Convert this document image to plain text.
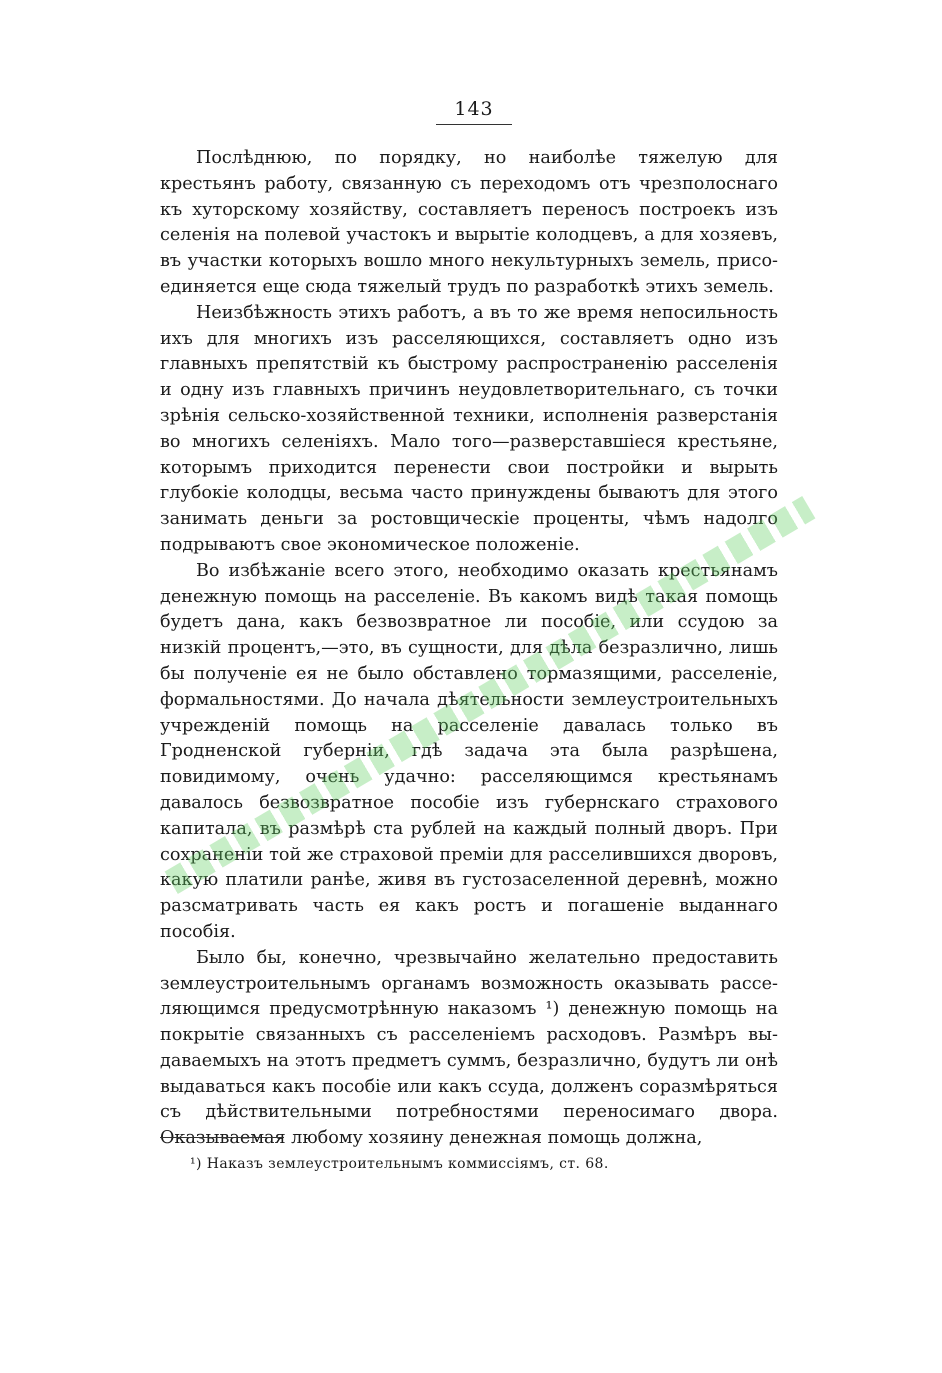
143

Послѣднюю, по порядку, но наиболѣе тяжелую для крестьянъ работу, связанную съ переходомъ отъ чрезполоснаго къ хуторскому хозяйству, составляетъ переносъ построекъ изъ селенія на полевой участокъ и вырытіе колодцевъ, а для хозяевъ, въ участки которыхъ вошло много некультурныхъ земель, присоединяется еще сюда тяжелый трудъ по разработкѣ этихъ земель.

Неизбѣжность этихъ работъ, а въ то же время непосильность ихъ для многихъ изъ расселяющихся, составляетъ одно изъ главныхъ препятствій къ быстрому распространенію расселенія и одну изъ главныхъ причинъ неудовлетворительнаго, съ точки зрѣнія сельско-хозяйственной техники, исполненія разверстанія во многихъ селеніяхъ. Мало того—разверставшіеся крестьяне, которымъ приходится перенести свои постройки и вырыть глубокіе колодцы, весьма часто принуждены бываютъ для этого занимать деньги за ростовщическіе проценты, чѣмъ надолго подрываютъ свое экономическое положеніе.

Во избѣжаніе всего этого, необходимо оказать крестьянамъ денежную помощь на расселеніе. Въ какомъ видѣ такая помощь будетъ дана, какъ безвозвратное ли пособіе, или ссудою за низкій процентъ,—это, въ сущности, для дѣла безразлично, лишь бы полученіе ея не было обставлено тормазящими, расселеніе, формальностями. До начала дѣятельности землеустроительныхъ учрежденій помощь на расселеніе давалась только въ Гродненской губерніи, гдѣ задача эта была разрѣшена, повидимому, очень удачно: расселяющимся крестьянамъ давалось безвозвратное пособіе изъ губернскаго страхового капитала, въ размѣрѣ ста рублей на каждый полный дворъ. При сохраненіи той же страховой преміи для расселившихся дворовъ, какую платили ранѣе, живя въ густозаселенной деревнѣ, можно разсматривать часть ея какъ ростъ и погашеніе выданнаго пособія.

Было бы, конечно, чрезвычайно желательно предоставить землеустроительнымъ органамъ возможность оказывать расселяющимся предусмотрѣнную наказомъ ¹) денежную помощь на покрытіе связанныхъ съ расселеніемъ расходовъ. Размѣръ выдаваемыхъ на этотъ предметъ суммъ, безразлично, будутъ ли онѣ выдаваться какъ пособіе или какъ ссуда, долженъ соразмѣряться съ дѣйствительными потребностями переносимаго двора. Оказываемая любому хозяину денежная помощь должна,

¹) Наказъ землеустроительнымъ коммиссіямъ, ст. 68.
